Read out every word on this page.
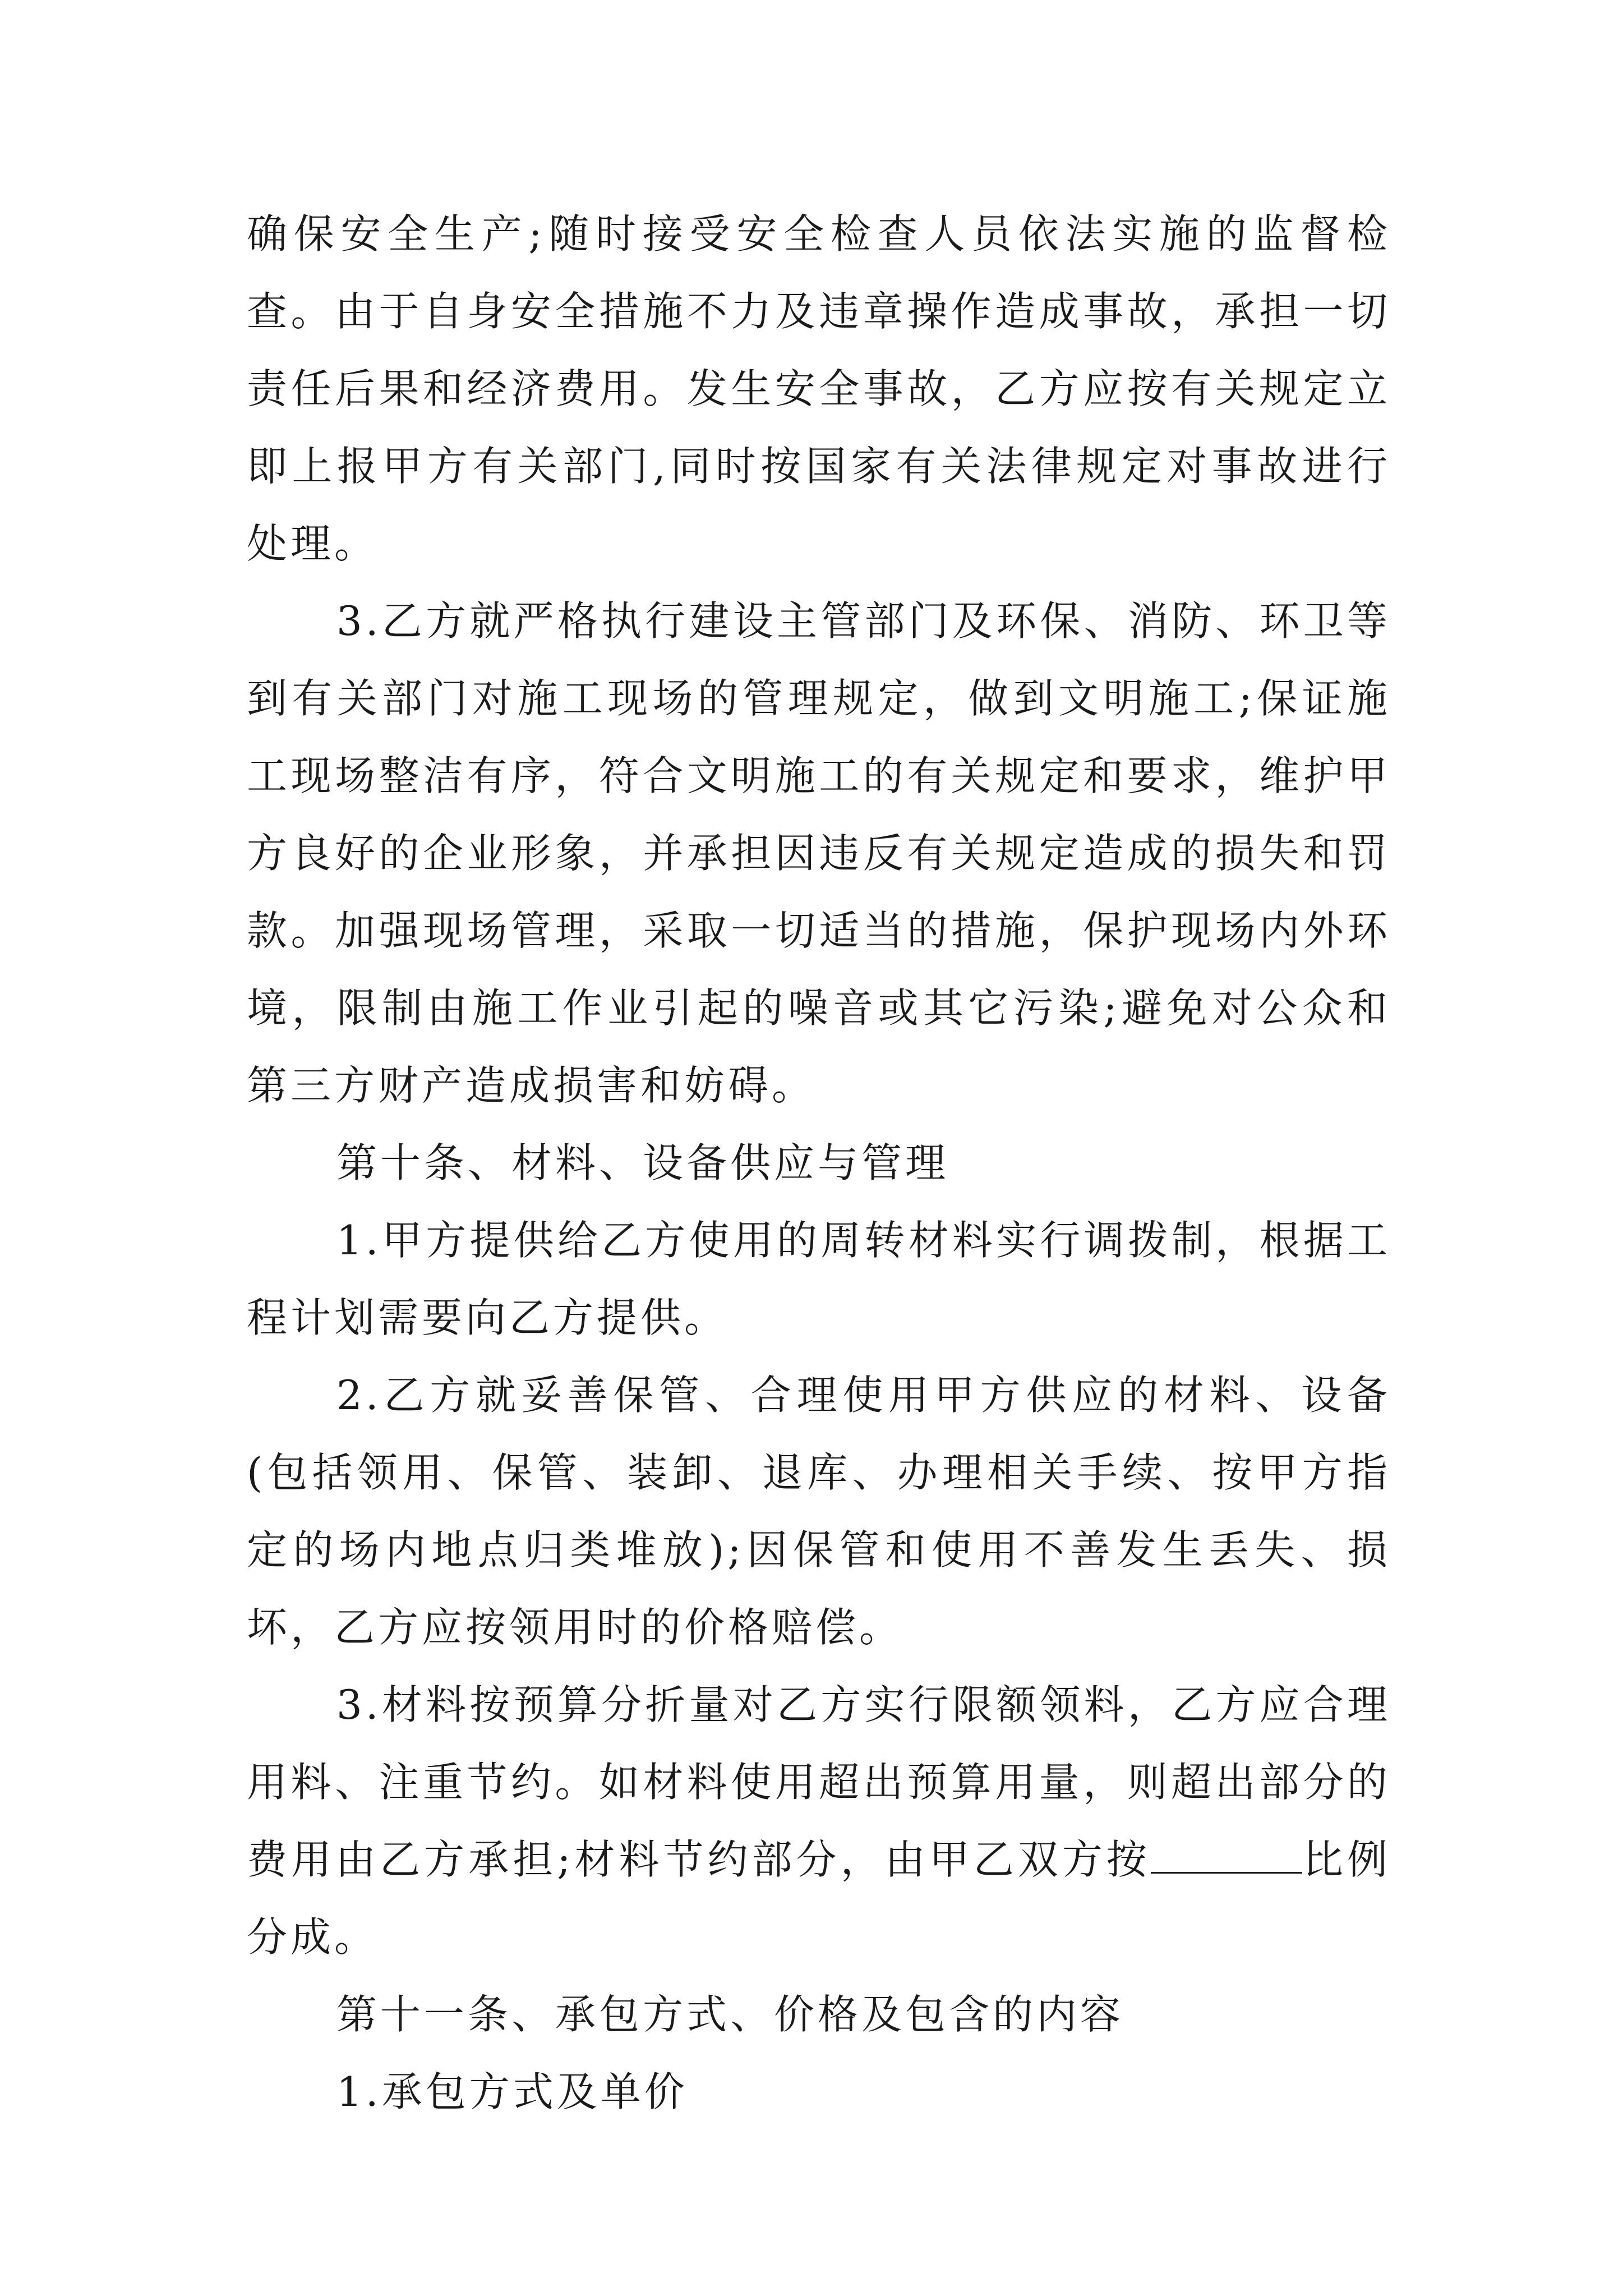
确保安全生产;随时接受安全检查人员依法实施的监督检查。由于自身安全措施不力及违章操作造成事故，承担一切责任后果和经济费用。发生安全事故，乙方应按有关规定立即上报甲方有关部门,同时按国家有关法律规定对事故进行处理。

3.乙方就严格执行建设主管部门及环保、消防、环卫等到有关部门对施工现场的管理规定，做到文明施工;保证施工现场整洁有序，符合文明施工的有关规定和要求，维护甲方良好的企业形象，并承担因违反有关规定造成的损失和罚款。加强现场管理，采取一切适当的措施，保护现场内外环境，限制由施工作业引起的噪音或其它污染;避免对公众和第三方财产造成损害和妨碍。

第十条、材料、设备供应与管理

1.甲方提供给乙方使用的周转材料实行调拨制，根据工程计划需要向乙方提供。

2.乙方就妥善保管、合理使用甲方供应的材料、设备(包括领用、保管、装卸、退库、办理相关手续、按甲方指定的场内地点归类堆放);因保管和使用不善发生丢失、损坏，乙方应按领用时的价格赔偿。

3.材料按预算分折量对乙方实行限额领料，乙方应合理用料、注重节约。如材料使用超出预算用量，则超出部分的费用由乙方承担;材料节约部分，由甲乙双方按	比例分成。

第十一条、承包方式、价格及包含的内容

1.承包方式及单价
